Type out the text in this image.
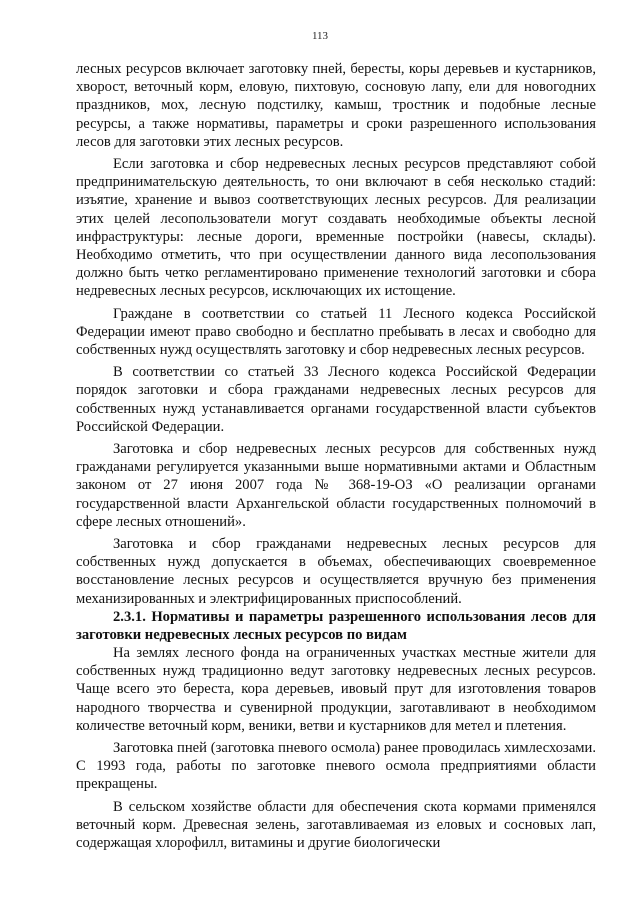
113

лесных ресурсов включает заготовку пней, бересты, коры деревьев и кустарников, хворост, веточный корм, еловую, пихтовую, сосновую лапу, ели для новогодних праздников, мох, лесную подстилку, камыш, тростник и подобные лесные ресурсы, а также нормативы, параметры и сроки разрешенного использования лесов для заготовки этих лесных ресурсов.

Если заготовка и сбор недревесных лесных ресурсов представляют собой предпринимательскую деятельность, то они включают в себя несколько стадий: изъятие, хранение и вывоз соответствующих лесных ресурсов. Для реализации этих целей лесопользователи могут создавать необходимые объекты лесной инфраструктуры: лесные дороги, временные постройки (навесы, склады). Необходимо отметить, что при осуществлении данного вида лесопользования должно быть четко регламентировано применение технологий заготовки и сбора недревесных лесных ресурсов, исключающих их истощение.

Граждане в соответствии со статьей 11 Лесного кодекса Российской Федерации имеют право свободно и бесплатно пребывать в лесах и свободно для собственных нужд осуществлять заготовку и сбор недревесных лесных ресурсов.

В соответствии со статьей 33 Лесного кодекса Российской Федерации порядок заготовки и сбора гражданами недревесных лесных ресурсов для собственных нужд устанавливается органами государственной власти субъектов Российской Федерации.

Заготовка и сбор недревесных лесных ресурсов для собственных нужд гражданами регулируется указанными выше нормативными актами и Областным законом от 27 июня 2007 года № 368-19-ОЗ «О реализации органами государственной власти Архангельской области государственных полномочий в сфере лесных отношений».

Заготовка и сбор гражданами недревесных лесных ресурсов для собственных нужд допускается в объемах, обеспечивающих своевременное восстановление лесных ресурсов и осуществляется вручную без применения механизированных и электрифицированных приспособлений.

2.3.1. Нормативы и параметры разрешенного использования лесов для заготовки недревесных лесных ресурсов по видам

На землях лесного фонда на ограниченных участках местные жители для собственных нужд традиционно ведут заготовку недревесных лесных ресурсов. Чаще всего это береста, кора деревьев, ивовый прут для изготовления товаров народного творчества и сувенирной продукции, заготавливают в необходимом количестве веточный корм, веники, ветви и кустарников для метел и плетения.

Заготовка пней (заготовка пневого осмола) ранее проводилась химлесхозами. С 1993 года, работы по заготовке пневого осмола предприятиями области прекращены.

В сельском хозяйстве области для обеспечения скота кормами применялся веточный корм. Древесная зелень, заготавливаемая из еловых и сосновых лап, содержащая хлорофилл, витамины и другие биологически
